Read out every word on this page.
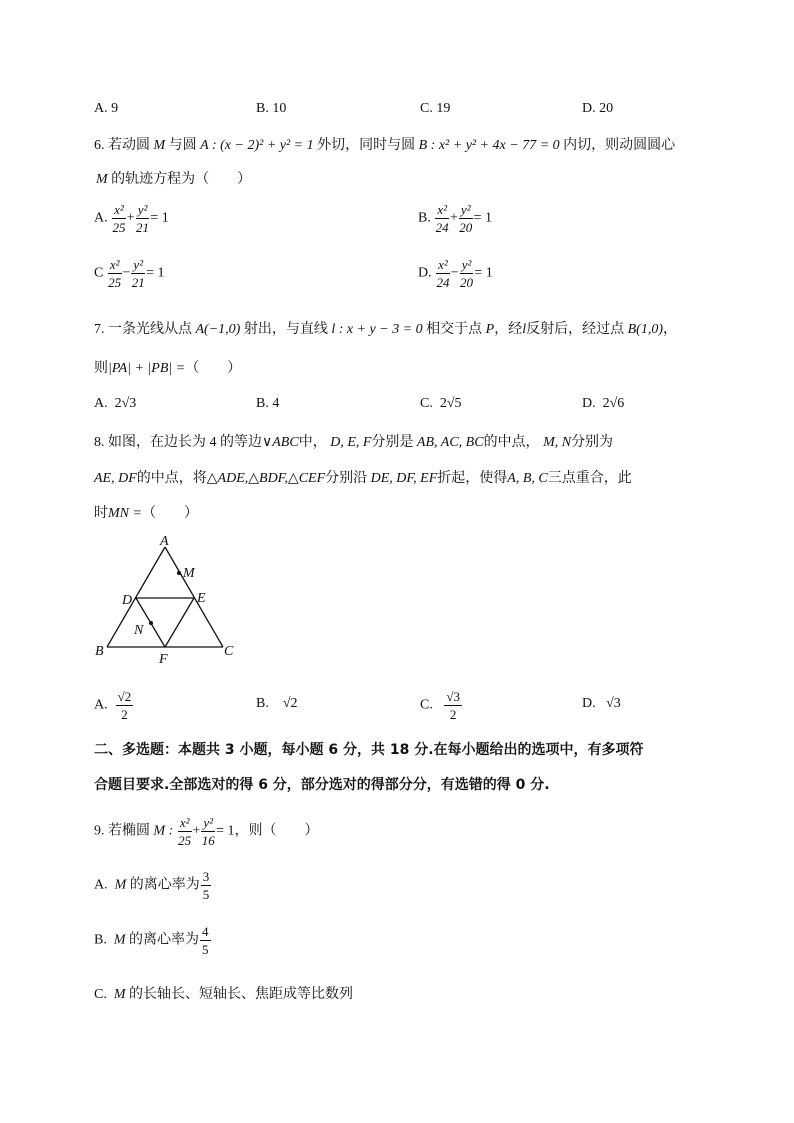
A. 9	B. 10	C. 19	D. 20
6. 若动圆 M 与圆 A : (x − 2)² + y² = 1 外切，同时与圆 B : x² + y² + 4x − 77 = 0 内切，则动圆圆心
M 的轨迹方程为（　　）
A. $\frac{\text{x²}}{25} + \frac{\text{y²}}{21} = 1$	B. $\frac{\text{x²}}{24} + \frac{\text{y²}}{20} = 1$
C $\frac{\text{x²}}{25} - \frac{\text{y²}}{21} = 1$	D. $\frac{\text{x²}}{24} - \frac{\text{y²}}{20} = 1$
7. 一条光线从点 A(−1,0) 射出，与直线 l : x + y − 3 = 0 相交于点 P，经l反射后，经过点 B(1,0)，
则|PA| + |PB| =（　　）
A. 2√3	B. 4	C. 2√5	D. 2√6
8. 如图，在边长为 4 的等边∨ABC中， D, E, F分别是 AB, AC, BC的中点， M, N分别为
AE, DF的中点，将△ADE,△BDF,△CEF分别沿 DE, DF, EF折起，使得A, B, C三点重合，此
时MN =（　　）
A
M
D	E
N
B
F
C
A. $\frac{√2}{2}$	B. √2	C. $\frac{√3}{2}$	D. √3
二、多选题：本题共 3 小题，每小题 6 分，共 18 分.在每小题给出的选项中，有多项符
合题目要求.全部选对的得 6 分，部分选对的得部分分，有选错的得 0 分.
9. 若椭圆 M : $\frac{\text{x²}}{25} + \frac{\text{y²}}{16} = 1$，则（　　）
A. M 的离心率为 $\frac{3}{5}$
B. M 的离心率为 $\frac{4}{5}$
C. M 的长轴长、短轴长、焦距成等比数列
